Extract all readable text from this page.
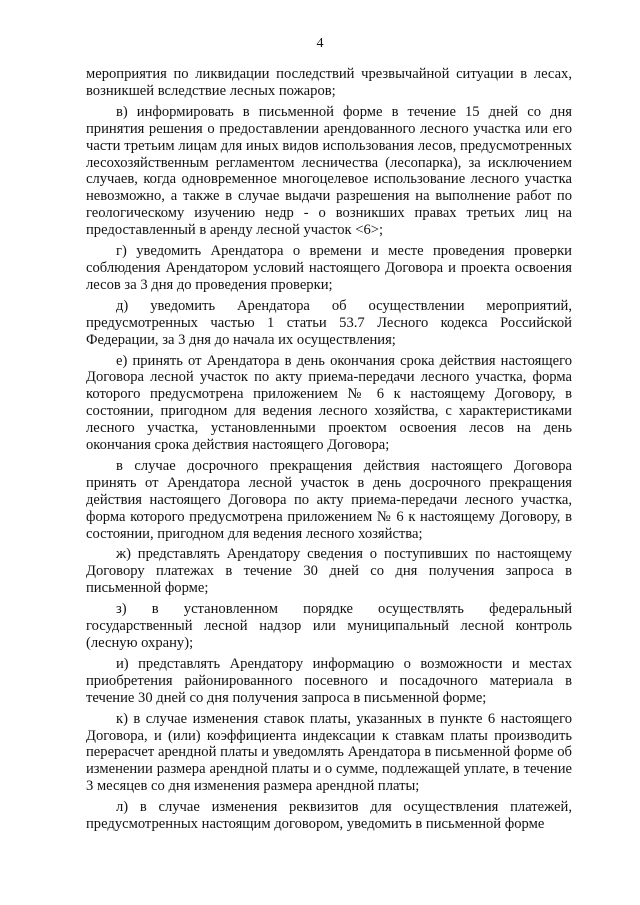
4

мероприятия по ликвидации последствий чрезвычайной ситуации в лесах, возникшей вследствие лесных пожаров;

в) информировать в письменной форме в течение 15 дней со дня принятия решения о предоставлении арендованного лесного участка или его части третьим лицам для иных видов использования лесов, предусмотренных лесохозяйственным регламентом лесничества (лесопарка), за исключением случаев, когда одновременное многоцелевое использование лесного участка невозможно, а также в случае выдачи разрешения на выполнение работ по геологическому изучению недр - о возникших правах третьих лиц на предоставленный в аренду лесной участок <6>;

г) уведомить Арендатора о времени и месте проведения проверки соблюдения Арендатором условий настоящего Договора и проекта освоения лесов за 3 дня до проведения проверки;

д) уведомить Арендатора об осуществлении мероприятий, предусмотренных частью 1 статьи 53.7 Лесного кодекса Российской Федерации, за 3 дня до начала их осуществления;

е) принять от Арендатора в день окончания срока действия настоящего Договора лесной участок по акту приема-передачи лесного участка, форма которого предусмотрена приложением № 6 к настоящему Договору, в состоянии, пригодном для ведения лесного хозяйства, с характеристиками лесного участка, установленными проектом освоения лесов на день окончания срока действия настоящего Договора;

в случае досрочного прекращения действия настоящего Договора принять от Арендатора лесной участок в день досрочного прекращения действия настоящего Договора по акту приема-передачи лесного участка, форма которого предусмотрена приложением № 6 к настоящему Договору, в состоянии, пригодном для ведения лесного хозяйства;

ж) представлять Арендатору сведения о поступивших по настоящему Договору платежах в течение 30 дней со дня получения запроса в письменной форме;

з) в установленном порядке осуществлять федеральный государственный лесной надзор или муниципальный лесной контроль (лесную охрану);

и) представлять Арендатору информацию о возможности и местах приобретения районированного посевного и посадочного материала в течение 30 дней со дня получения запроса в письменной форме;

к) в случае изменения ставок платы, указанных в пункте 6 настоящего Договора, и (или) коэффициента индексации к ставкам платы производить перерасчет арендной платы и уведомлять Арендатора в письменной форме об изменении размера арендной платы и о сумме, подлежащей уплате, в течение 3 месяцев со дня изменения размера арендной платы;

л) в случае изменения реквизитов для осуществления платежей, предусмотренных настоящим договором, уведомить в письменной форме
